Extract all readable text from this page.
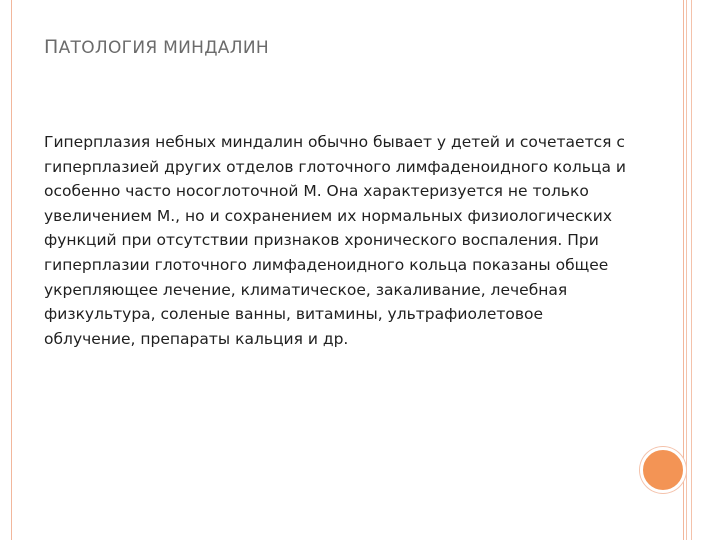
ПАТОЛОГИЯ МИНДАЛИН
Гиперплазия небных миндалин обычно бывает у детей и сочетается с гиперплазией других отделов глоточного лимфаденоидного кольца и особенно часто носоглоточной М. Она характеризуется не только увеличением М., но и сохранением их нормальных физиологических функций при отсутствии признаков хронического воспаления. При гиперплазии глоточного лимфаденоидного кольца показаны общее укрепляющее лечение, климатическое, закаливание, лечебная физкультура, соленые ванны, витамины, ультрафиолетовое облучение, препараты кальция и др.
